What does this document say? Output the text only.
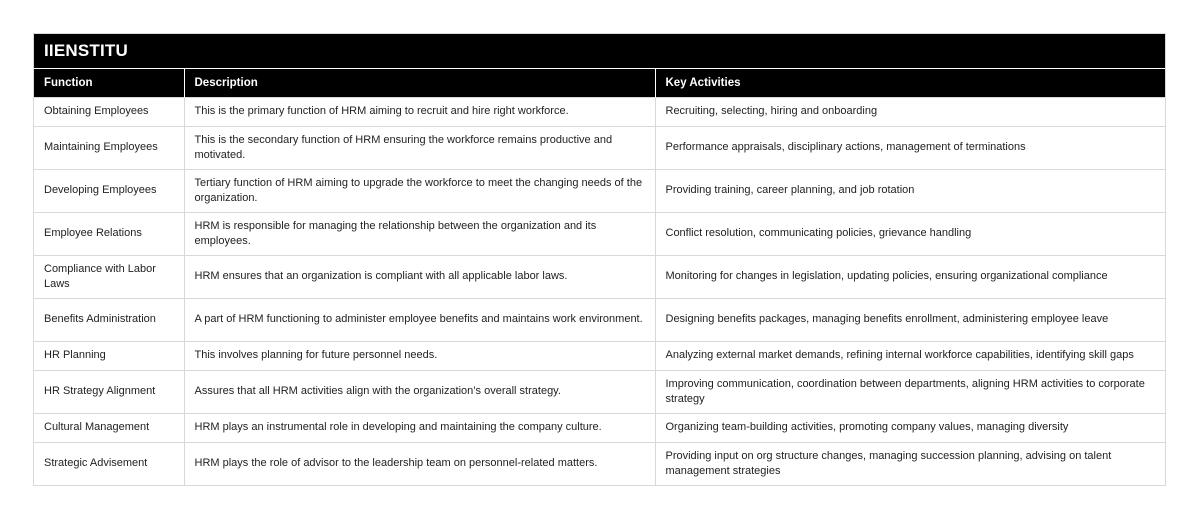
IIENSTITU
Function	Description	Key Activities
Obtaining Employees	This is the primary function of HRM aiming to recruit and hire right workforce.	Recruiting, selecting, hiring and onboarding
Maintaining Employees	This is the secondary function of HRM ensuring the workforce remains productive and motivated.	Performance appraisals, disciplinary actions, management of terminations
Developing Employees	Tertiary function of HRM aiming to upgrade the workforce to meet the changing needs of the organization.	Providing training, career planning, and job rotation
Employee Relations	HRM is responsible for managing the relationship between the organization and its employees.	Conflict resolution, communicating policies, grievance handling
Compliance with Labor Laws	HRM ensures that an organization is compliant with all applicable labor laws.	Monitoring for changes in legislation, updating policies, ensuring organizational compliance
Benefits Administration	A part of HRM functioning to administer employee benefits and maintains work environment.	Designing benefits packages, managing benefits enrollment, administering employee leave
HR Planning	This involves planning for future personnel needs.	Analyzing external market demands, refining internal workforce capabilities, identifying skill gaps
HR Strategy Alignment	Assures that all HRM activities align with the organization’s overall strategy.	Improving communication, coordination between departments, aligning HRM activities to corporate strategy
Cultural Management	HRM plays an instrumental role in developing and maintaining the company culture.	Organizing team-building activities, promoting company values, managing diversity
Strategic Advisement	HRM plays the role of advisor to the leadership team on personnel-related matters.	Providing input on org structure changes, managing succession planning, advising on talent management strategies
